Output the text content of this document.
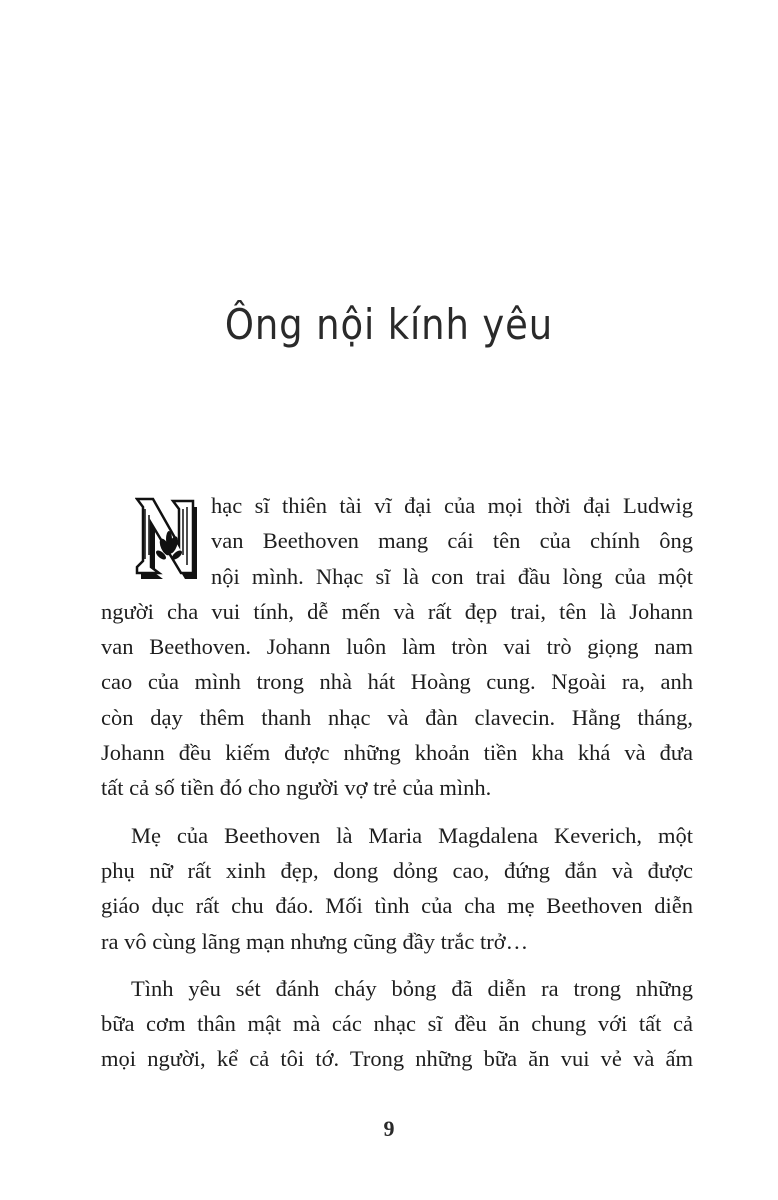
Ông nội kính yêu
hạc sĩ thiên tài vĩ đại của mọi thời đại Ludwig
van Beethoven mang cái tên của chính ông
nội mình. Nhạc sĩ là con trai đầu lòng của một
người cha vui tính, dễ mến và rất đẹp trai, tên là Johann
van Beethoven. Johann luôn làm tròn vai trò giọng nam
cao của mình trong nhà hát Hoàng cung. Ngoài ra, anh
còn dạy thêm thanh nhạc và đàn clavecin. Hằng tháng,
Johann đều kiếm được những khoản tiền kha khá và đưa
tất cả số tiền đó cho người vợ trẻ của mình.
Mẹ của Beethoven là Maria Magdalena Keverich, một
phụ nữ rất xinh đẹp, dong dỏng cao, đứng đắn và được
giáo dục rất chu đáo. Mối tình của cha mẹ Beethoven diễn
ra vô cùng lãng mạn nhưng cũng đầy trắc trở…
Tình yêu sét đánh cháy bỏng đã diễn ra trong những
bữa cơm thân mật mà các nhạc sĩ đều ăn chung với tất cả
mọi người, kể cả tôi tớ. Trong những bữa ăn vui vẻ và ấm
9
